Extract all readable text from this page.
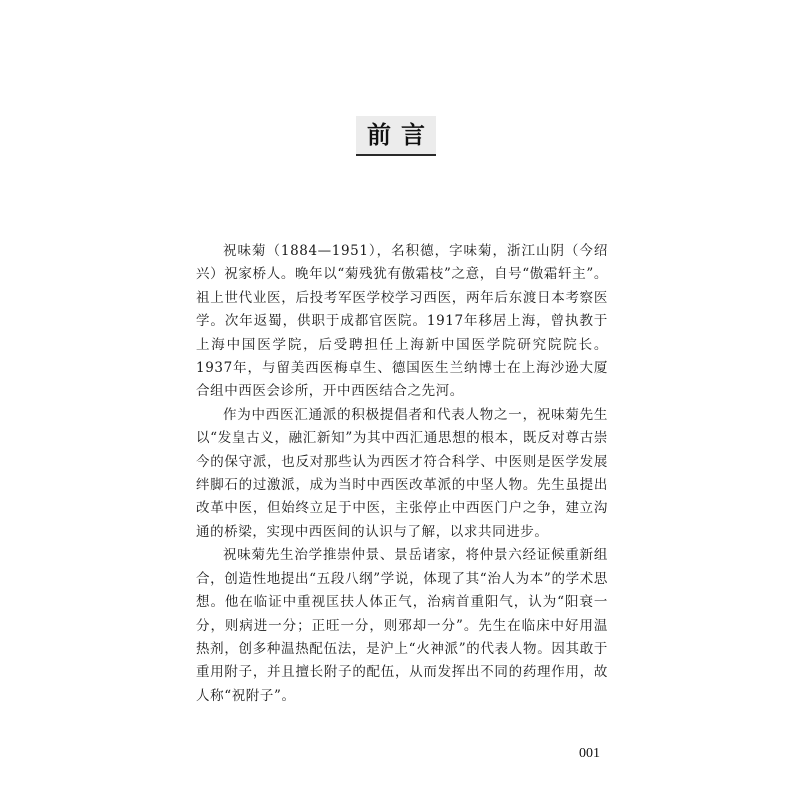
前言

祝味菊（1884—1951），名积德，字味菊，浙江山阴（今绍兴）祝家桥人。晚年以“菊残犹有傲霜枝”之意，自号“傲霜轩主”。祖上世代业医，后投考军医学校学习西医，两年后东渡日本考察医学。次年返蜀，供职于成都官医院。1917年移居上海，曾执教于上海中国医学院，后受聘担任上海新中国医学院研究院院长。1937年，与留美西医梅卓生、德国医生兰纳博士在上海沙逊大厦合组中西医会诊所，开中西医结合之先河。

作为中西医汇通派的积极提倡者和代表人物之一，祝味菊先生以“发皇古义，融汇新知”为其中西汇通思想的根本，既反对尊古崇今的保守派，也反对那些认为西医才符合科学、中医则是医学发展绊脚石的过激派，成为当时中西医改革派的中坚人物。先生虽提出改革中医，但始终立足于中医，主张停止中西医门户之争，建立沟通的桥梁，实现中西医间的认识与了解，以求共同进步。

祝味菊先生治学推崇仲景、景岳诸家，将仲景六经证候重新组合，创造性地提出“五段八纲”学说，体现了其“治人为本”的学术思想。他在临证中重视匡扶人体正气，治病首重阳气，认为“阳衰一分，则病进一分；正旺一分，则邪却一分”。先生在临床中好用温热剂，创多种温热配伍法，是沪上“火神派”的代表人物。因其敢于重用附子，并且擅长附子的配伍，从而发挥出不同的药理作用，故人称“祝附子”。

001
